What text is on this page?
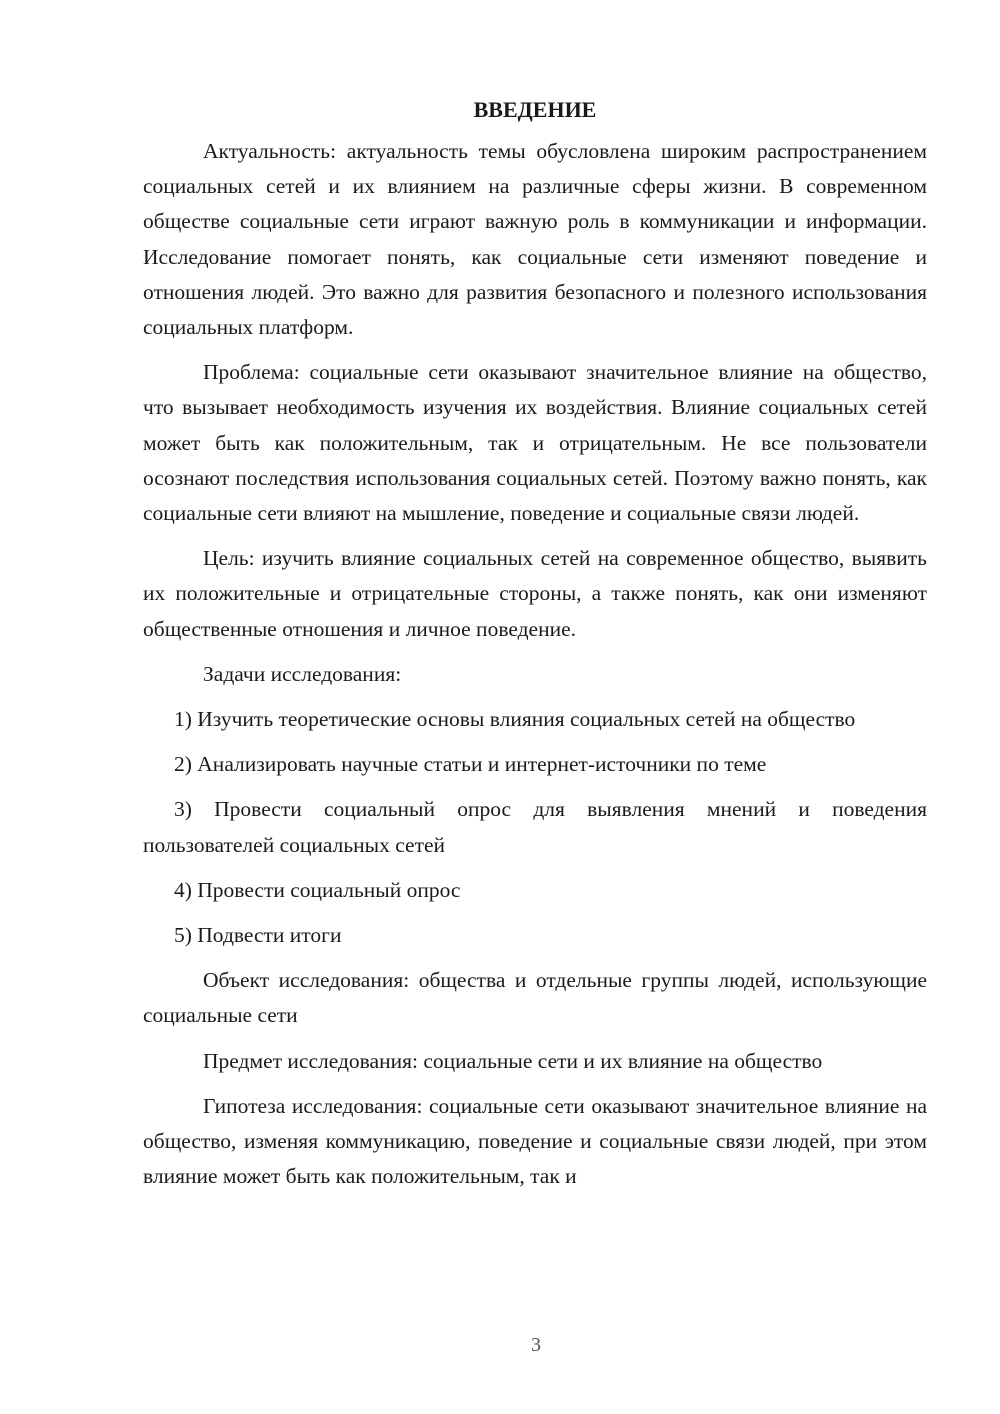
ВВЕДЕНИЕ

Актуальность: актуальность темы обусловлена широким распространением социальных сетей и их влиянием на различные сферы жизни. В современном обществе социальные сети играют важную роль в коммуникации и информации. Исследование помогает понять, как социальные сети изменяют поведение и отношения людей. Это важно для развития безопасного и полезного использования социальных платформ.

Проблема: социальные сети оказывают значительное влияние на общество, что вызывает необходимость изучения их воздействия. Влияние социальных сетей может быть как положительным, так и отрицательным. Не все пользователи осознают последствия использования социальных сетей. Поэтому важно понять, как социальные сети влияют на мышление, поведение и социальные связи людей.

Цель: изучить влияние социальных сетей на современное общество, выявить их положительные и отрицательные стороны, а также понять, как они изменяют общественные отношения и личное поведение.

Задачи исследования:

1) Изучить теоретические основы влияния социальных сетей на общество

2) Анализировать научные статьи и интернет-источники по теме

3) Провести социальный опрос для выявления мнений и поведения пользователей социальных сетей

4) Провести социальный опрос

5) Подвести итоги

Объект исследования: общества и отдельные группы людей, использующие социальные сети

Предмет исследования: социальные сети и их влияние на общество

Гипотеза исследования: социальные сети оказывают значительное влияние на общество, изменяя коммуникацию, поведение и социальные связи людей, при этом влияние может быть как положительным, так и

3
